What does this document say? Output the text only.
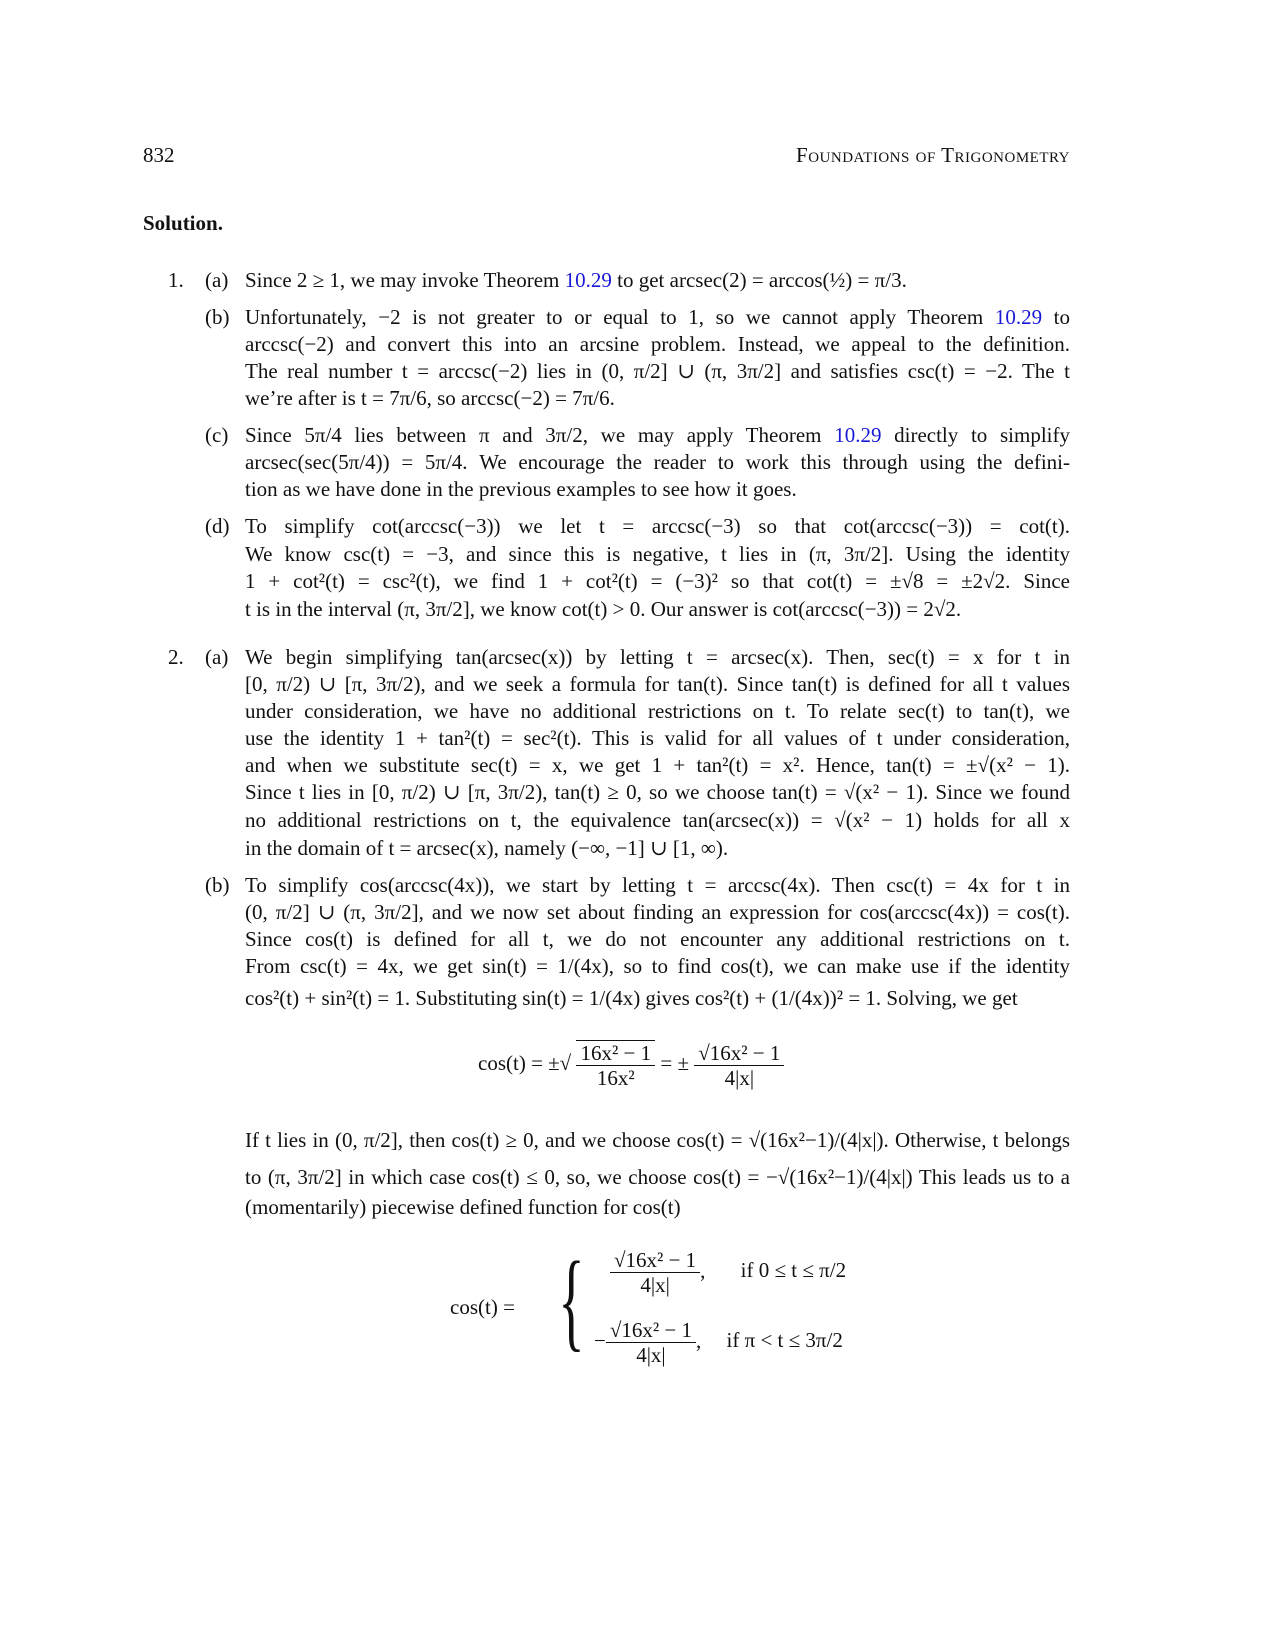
832	Foundations of Trigonometry
Solution.
1. (a) Since 2 ≥ 1, we may invoke Theorem 10.29 to get arcsec(2) = arccos(½) = π/3.
(b) Unfortunately, −2 is not greater to or equal to 1, so we cannot apply Theorem 10.29 to
arccsc(−2) and convert this into an arcsine problem. Instead, we appeal to the definition.
The real number t = arccsc(−2) lies in (0, π/2] ∪ (π, 3π/2] and satisfies csc(t) = −2. The t
we’re after is t = 7π/6, so arccsc(−2) = 7π/6.
(c) Since 5π/4 lies between π and 3π/2, we may apply Theorem 10.29 directly to simplify
arcsec(sec(5π/4)) = 5π/4. We encourage the reader to work this through using the defini-
tion as we have done in the previous examples to see how it goes.
(d) To simplify cot(arccsc(−3)) we let t = arccsc(−3) so that cot(arccsc(−3)) = cot(t).
We know csc(t) = −3, and since this is negative, t lies in (π, 3π/2]. Using the identity
1 + cot²(t) = csc²(t), we find 1 + cot²(t) = (−3)² so that cot(t) = ±√8 = ±2√2. Since
t is in the interval (π, 3π/2], we know cot(t) > 0. Our answer is cot(arccsc(−3)) = 2√2.
2. (a) We begin simplifying tan(arcsec(x)) by letting t = arcsec(x). Then, sec(t) = x for t in
[0, π/2) ∪ [π, 3π/2), and we seek a formula for tan(t). Since tan(t) is defined for all t values
under consideration, we have no additional restrictions on t. To relate sec(t) to tan(t), we
use the identity 1 + tan²(t) = sec²(t). This is valid for all values of t under consideration,
and when we substitute sec(t) = x, we get 1 + tan²(t) = x². Hence, tan(t) = ±√(x² − 1).
Since t lies in [0, π/2) ∪ [π, 3π/2), tan(t) ≥ 0, so we choose tan(t) = √(x² − 1). Since we found
no additional restrictions on t, the equivalence tan(arcsec(x)) = √(x² − 1) holds for all x
in the domain of t = arcsec(x), namely (−∞, −1] ∪ [1, ∞).
(b) To simplify cos(arccsc(4x)), we start by letting t = arccsc(4x). Then csc(t) = 4x for t in
(0, π/2] ∪ (π, 3π/2], and we now set about finding an expression for cos(arccsc(4x)) = cos(t).
Since cos(t) is defined for all t, we do not encounter any additional restrictions on t.
From csc(t) = 4x, we get sin(t) = 1/(4x), so to find cos(t), we can make use if the identity
cos²(t) + sin²(t) = 1. Substituting sin(t) = 1/(4x) gives cos²(t) + (1/(4x))² = 1. Solving, we get
If t lies in (0, π/2], then cos(t) ≥ 0, and we choose cos(t) = √(16x²−1)/(4|x|). Otherwise, t belongs
to (π, 3π/2] in which case cos(t) ≤ 0, so, we choose cos(t) = −√(16x²−1)/(4|x|) This leads us to a
(momentarily) piecewise defined function for cos(t)
cos(t) = ±√ $\frac{\text{16x² − 1}}{\text{16x²}}$ = ± $\frac{\text{√16x² − 1}}{4|x|}$
cos(t) = { $\frac{\text{√16x² − 1}}{4|x|}$ , if 0 ≤ t ≤ π/2
− $\frac{\text{√16x² − 1}}{4|x|}$ , if π < t ≤ 3π/2
